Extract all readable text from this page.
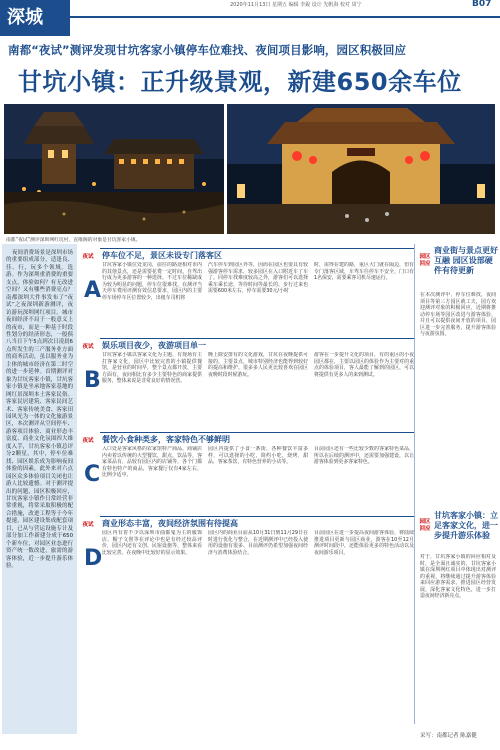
深城
2020年11月13日 星期五 编辑 李銳 设计 先帆海 校对 周宁	B07
南都“夜试”测评发现甘坑客家小镇停车位难找、夜间项目影响，园区积极回应
甘坑小镇：正升级景观，新建650余车位
南都“夜试”测评深圳网红坑村，直唯阁的对象是甘坑客家小镇。
夜间消费场景是深圳市场的重要组成部分，适逢良、佳、行，玩多个领域。选游。作为深圳重消费的重要支点，体验如何？有无改进空间？又有哪些消费亮点？南都深圳大件事发布了“夜试”之夜深圳新游测评，夜访游玩深圳网红项目。城市夜间经济不局于一般意义上的夜市，而是一种基于时段性划分的经济形态，一般俱八当日下午5点到次日凌晨6点所发生的三产服务业方面的商务活动，虽以服务业为主体的城市经济在第二时空的进一步延伸。首期测评对象为甘坑客家小镇，甘坑客家小镇是坐承地客家基地的网红景深圳本土客家民俗。客家民居建筑、客家民间艺术、客家传统美食、客家田园风光为一体的文化旅游景区，本次测评从空间停车、游客项目体验、商业形态丰富度、商业文化氛围四大维度入手，甘坑客家小镇总评分2颗星，其中，停车位难找、园区娱乐成为影响夜间体验的因素，此外来对六点园区众多体验项目关闭也让游人比较遗憾。对于测评提出的问题，园区积极回应，甘坑客家小镇作日常经营非常重视，将常采取积极的配合措施，改进工程等于今年提速，园区建设集成配套项目，已从与营运设施专计及部分加工作新建分成于650个新车位，对园区业态进行资产统一数改进，旅需的游客体验，近一步提升游乐体验。
夜试
A
停车位不足，景区未设专门落客区
甘坑客家小镇位处龙岗，前往的路途相对市内的其他景点，还是需要花费一定时间。自驾出行成为更多游客的一种选择。不过车位稀缺成为较为明显的问题，停车位很难找，在测评当天停车费用评测有效信息要求，园区内的主要停车场停车区位置较少，出租车司机将
汽车停车到园区外等，因而在园区也要具有较强游客停车需求，较多园区在入口附近车了车了。同停车找难度较高之外，游客们可以选择乘车乘长途、等待时间等最长的，步行过来也需要600米左右，停车需要30元/小时
时，需得在建的路，重区大门就在隔边，但有专门落客区域，车驾车往停车不安全，门口有1名保安，需要乘客司机尽速运行。
夜试
B
娱乐项目夜少，夜游项目单一
甘坑客家小镇以客家文化为主题，有现场有主打客家文化，园区中比较完善的小镇提供餐馆，是营业的时间早，整个景点都开放，主要方面有，夜间相比有多少主要特色的商家提供服务，整体来说是非常良好的情况营。
晚上除安排有的文化游戏，甘坑在夜晚提供可接的，主要景点，城市特别经济也能得到较好的提高和维护。很多多人民更比较喜欢在园区夜晚时段时候游玩。
游客在一步提升文化的项目，有的重区的小夜园区都在，主要以园区的体验作为主要对的重点的体验项目，客人最能了解到的园区，可以将提供有更多人的来到测试。
夜试
C
餐饮小食种类多，客家特色不够鲜明
入口处是客家风格的农家馆特产商品，商铺店内卖着以传统的大型餐饮，甜点，饮品等，客家菜品有，品较有园区内的店铺等，各个门都有特色特产的商品，客家餐厅仅有4家左右，比例少适中。
园区内提供了小食一条街，各种餐饮丰富多样，可以选择的小吃，简约小吃，烧烤，甜品，客家茶饮，有特色营养的小店等。
目前园区还有一些比较少数的客家特色菜品，所以在后续的测评中，还需要加强建设，以让游客体验到更多客家特色。
夜试
D
商业形态丰富，夜间经济氛围有待提高
园区内有着不少以深圳市曲都鬼为主的服饰店、帽子文创等在评论中也是有经过较高评价，园区内还有文创、民宿设施等，整体来看比较完善，在夜晚中比较好的显示效果。
园区内的商业目前从10月31日到11月29日在时进行优化与整合，在近期测评中已经投入使用的设施有很多、目前测评仍希望加强夜间经济与消费体验结合。
目前园区在进一步提高夜间游客体验，将陆续推进项目更新与园区商业，游客在10至12月测评时间段中，还能体验更多的特色活动以及夜间游乐项目。
园区回应
商业街与景点更好互融 园区设部硬件有待更新
在本次测评中，停车位难找，夜间项目等第三方园区就工夫，园方欢迎测评对象的积极回应，近期将推动停车场等园区改进与游客体验，并且可以提供夜间开放的项目，园区进一步完善服务，提升游客体验与夜游氛围。
园区回应
甘坑客家小镇：立足客家文化，进一步提升游乐体验
对于，甘坑客家小镇的回应相对及时，是全面且诚实的，甘坑客家小镇在深圳网红项目中体现出对测评的重视，将继续通过提升游客体验来回应游客需求，推进园区经营发展，深化客家文化特色，进一步打造夜间经济新亮点。
采写：南都记者 陈嘉健
